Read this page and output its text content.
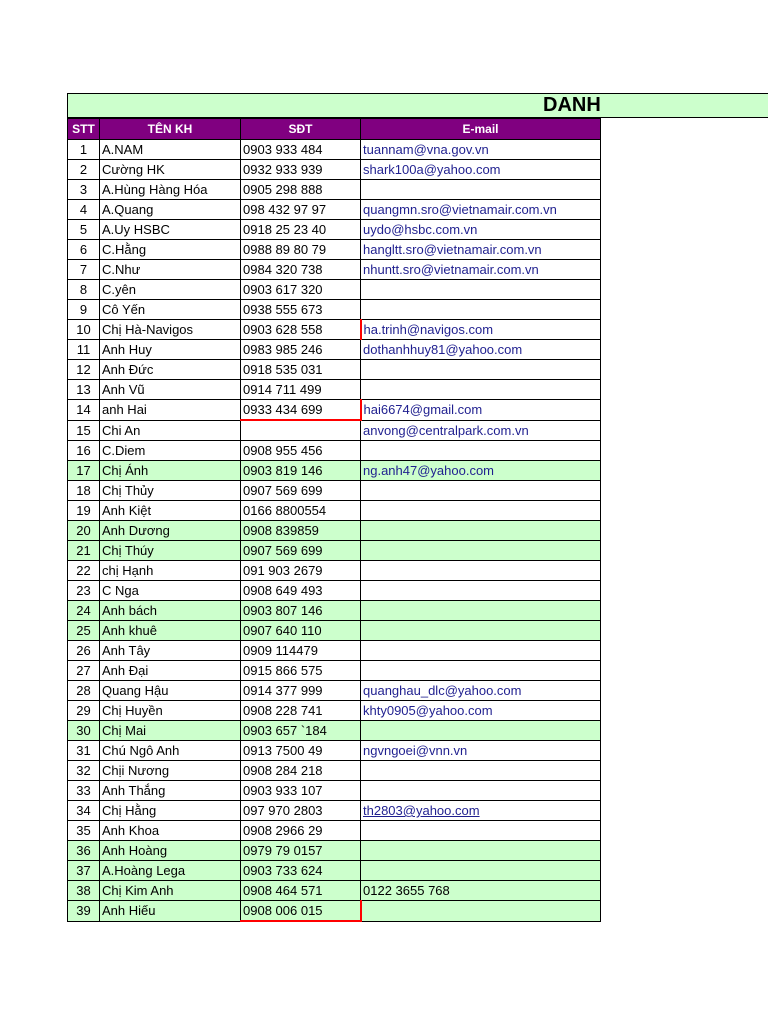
DANH
STT	TÊN KH	SĐT	E-mail
1	A.NAM	0903 933 484	tuannam@vna.gov.vn
2	Cường HK	0932 933 939	shark100a@yahoo.com
3	A.Hùng Hàng Hóa	0905 298 888	
4	A.Quang	098 432 97 97	quangmn.sro@vietnamair.com.vn
5	A.Uy HSBC	0918 25 23 40	uydo@hsbc.com.vn
6	C.Hằng	0988 89 80 79	hangltt.sro@vietnamair.com.vn
7	C.Như	0984 320 738	nhuntt.sro@vietnamair.com.vn
8	C.yên	0903 617 320	
9	Cô Yến	0938 555 673	
10	Chị Hà-Navigos	0903 628 558	ha.trinh@navigos.com
11	Anh Huy	0983 985 246	dothanhhuy81@yahoo.com
12	Anh Đức	0918 535 031	
13	Anh Vũ	0914 711 499	
14	anh Hai	0933 434 699	hai6674@gmail.com
15	Chi An		anvong@centralpark.com.vn
16	C.Diem	0908 955 456	
17	Chị Ánh	0903 819 146	ng.anh47@yahoo.com
18	Chị Thủy	0907 569 699	
19	Anh Kiệt	0166 8800554	
20	Anh Dương	0908 839859	
21	Chị Thúy	0907 569 699	
22	chị Hạnh	091 903 2679	
23	C Nga	0908 649 493	
24	Anh bách	0903 807 146	
25	Anh khuê	0907 640 110	
26	Anh Tây	0909 114479	
27	Anh Đại	0915 866 575	
28	Quang Hậu	0914 377 999	quanghau_dlc@yahoo.com
29	Chị Huyền	0908 228 741	khty0905@yahoo.com
30	Chị Mai	0903 657 `184	
31	Chú Ngô Anh	0913 7500 49	ngvngoei@vnn.vn
32	Chịi Nương	0908 284 218	
33	Anh Thắng	0903 933 107	
34	Chị Hằng	097 970 2803	th2803@yahoo.com
35	Anh Khoa	0908 2966 29	
36	Anh Hoàng	0979 79 0157	
37	A.Hoàng Lega	0903 733 624	
38	Chị Kim Anh	0908 464 571	0122 3655 768
39	Anh Hiếu	0908 006 015	
